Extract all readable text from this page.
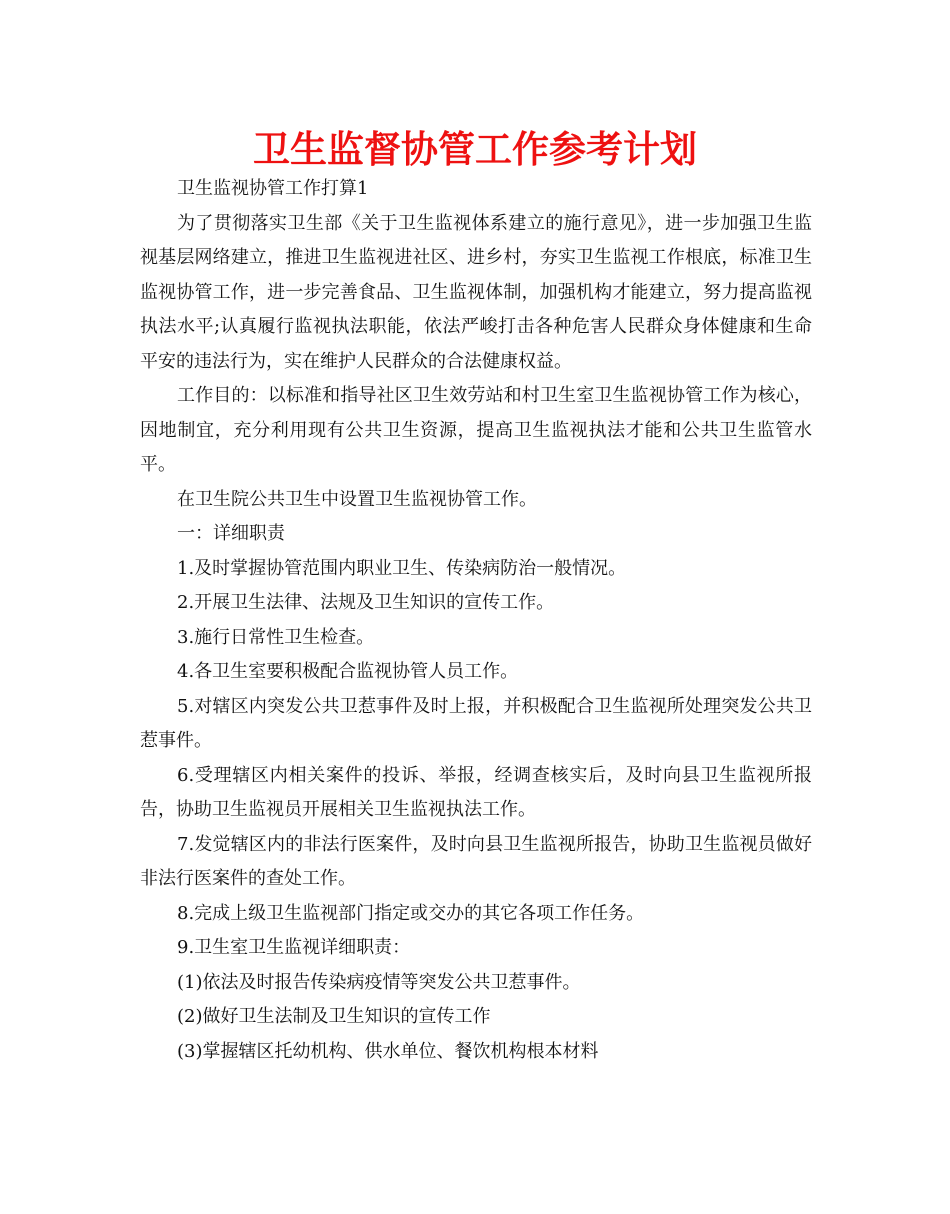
卫生监督协管工作参考计划

卫生监视协管工作打算1

为了贯彻落实卫生部《关于卫生监视体系建立的施行意见》，进一步加强卫生监视基层网络建立，推进卫生监视进社区、进乡村，夯实卫生监视工作根底，标准卫生监视协管工作，进一步完善食品、卫生监视体制，加强机构才能建立，努力提高监视执法水平;认真履行监视执法职能，依法严峻打击各种危害人民群众身体健康和生命平安的违法行为，实在维护人民群众的合法健康权益。

工作目的：以标准和指导社区卫生效劳站和村卫生室卫生监视协管工作为核心，因地制宜，充分利用现有公共卫生资源，提高卫生监视执法才能和公共卫生监管水平。

在卫生院公共卫生中设置卫生监视协管工作。

一：详细职责

1.及时掌握协管范围内职业卫生、传染病防治一般情况。

2.开展卫生法律、法规及卫生知识的宣传工作。

3.施行日常性卫生检查。

4.各卫生室要积极配合监视协管人员工作。

5.对辖区内突发公共卫惹事件及时上报，并积极配合卫生监视所处理突发公共卫惹事件。

6.受理辖区内相关案件的投诉、举报，经调查核实后，及时向县卫生监视所报告，协助卫生监视员开展相关卫生监视执法工作。

7.发觉辖区内的非法行医案件，及时向县卫生监视所报告，协助卫生监视员做好非法行医案件的查处工作。

8.完成上级卫生监视部门指定或交办的其它各项工作任务。

9.卫生室卫生监视详细职责：

(1)依法及时报告传染病疫情等突发公共卫惹事件。

(2)做好卫生法制及卫生知识的宣传工作

(3)掌握辖区托幼机构、供水单位、餐饮机构根本材料
